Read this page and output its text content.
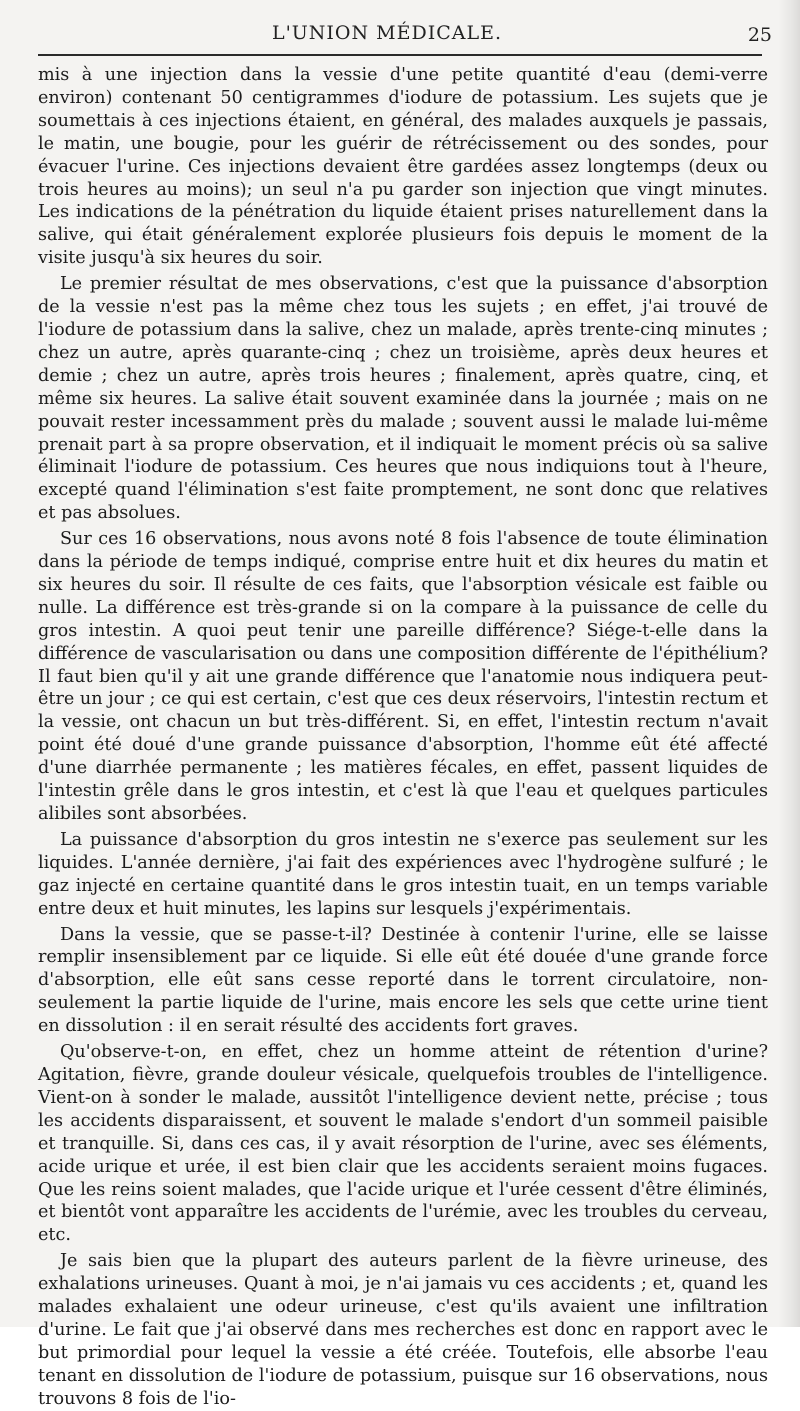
L'UNION MÉDICALE.	25

mis à une injection dans la vessie d'une petite quantité d'eau (demi-verre environ) contenant 50 centigrammes d'iodure de potassium. Les sujets que je soumettais à ces injections étaient, en général, des malades auxquels je passais, le matin, une bougie, pour les guérir de rétrécissement ou des sondes, pour évacuer l'urine. Ces injections devaient être gardées assez longtemps (deux ou trois heures au moins); un seul n'a pu garder son injection que vingt minutes. Les indications de la pénétration du liquide étaient prises naturellement dans la salive, qui était généralement explorée plusieurs fois depuis le moment de la visite jusqu'à six heures du soir.

Le premier résultat de mes observations, c'est que la puissance d'absorption de la vessie n'est pas la même chez tous les sujets ; en effet, j'ai trouvé de l'iodure de potassium dans la salive, chez un malade, après trente-cinq minutes ; chez un autre, après quarante-cinq ; chez un troisième, après deux heures et demie ; chez un autre, après trois heures ; finalement, après quatre, cinq, et même six heures. La salive était souvent examinée dans la journée ; mais on ne pouvait rester incessamment près du malade ; souvent aussi le malade lui-même prenait part à sa propre observation, et il indiquait le moment précis où sa salive éliminait l'iodure de potassium. Ces heures que nous indiquions tout à l'heure, excepté quand l'élimination s'est faite promptement, ne sont donc que relatives et pas absolues.

Sur ces 16 observations, nous avons noté 8 fois l'absence de toute élimination dans la période de temps indiqué, comprise entre huit et dix heures du matin et six heures du soir. Il résulte de ces faits, que l'absorption vésicale est faible ou nulle. La différence est très-grande si on la compare à la puissance de celle du gros intestin. A quoi peut tenir une pareille différence? Siége-t-elle dans la différence de vascularisation ou dans une composition différente de l'épithélium? Il faut bien qu'il y ait une grande différence que l'anatomie nous indiquera peut-être un jour ; ce qui est certain, c'est que ces deux réservoirs, l'intestin rectum et la vessie, ont chacun un but très-différent. Si, en effet, l'intestin rectum n'avait point été doué d'une grande puissance d'absorption, l'homme eût été affecté d'une diarrhée permanente ; les matières fécales, en effet, passent liquides de l'intestin grêle dans le gros intestin, et c'est là que l'eau et quelques particules alibiles sont absorbées.

La puissance d'absorption du gros intestin ne s'exerce pas seulement sur les liquides. L'année dernière, j'ai fait des expériences avec l'hydrogène sulfuré ; le gaz injecté en certaine quantité dans le gros intestin tuait, en un temps variable entre deux et huit minutes, les lapins sur lesquels j'expérimentais.

Dans la vessie, que se passe-t-il? Destinée à contenir l'urine, elle se laisse remplir insensiblement par ce liquide. Si elle eût été douée d'une grande force d'absorption, elle eût sans cesse reporté dans le torrent circulatoire, non-seulement la partie liquide de l'urine, mais encore les sels que cette urine tient en dissolution : il en serait résulté des accidents fort graves.

Qu'observe-t-on, en effet, chez un homme atteint de rétention d'urine? Agitation, fièvre, grande douleur vésicale, quelquefois troubles de l'intelligence. Vient-on à sonder le malade, aussitôt l'intelligence devient nette, précise ; tous les accidents disparaissent, et souvent le malade s'endort d'un sommeil paisible et tranquille. Si, dans ces cas, il y avait résorption de l'urine, avec ses éléments, acide urique et urée, il est bien clair que les accidents seraient moins fugaces. Que les reins soient malades, que l'acide urique et l'urée cessent d'être éliminés, et bientôt vont apparaître les accidents de l'urémie, avec les troubles du cerveau, etc.

Je sais bien que la plupart des auteurs parlent de la fièvre urineuse, des exhalations urineuses. Quant à moi, je n'ai jamais vu ces accidents ; et, quand les malades exhalaient une odeur urineuse, c'est qu'ils avaient une infiltration d'urine. Le fait que j'ai observé dans mes recherches est donc en rapport avec le but primordial pour lequel la vessie a été créée. Toutefois, elle absorbe l'eau tenant en dissolution de l'iodure de potassium, puisque sur 16 observations, nous trouvons 8 fois de l'io-
